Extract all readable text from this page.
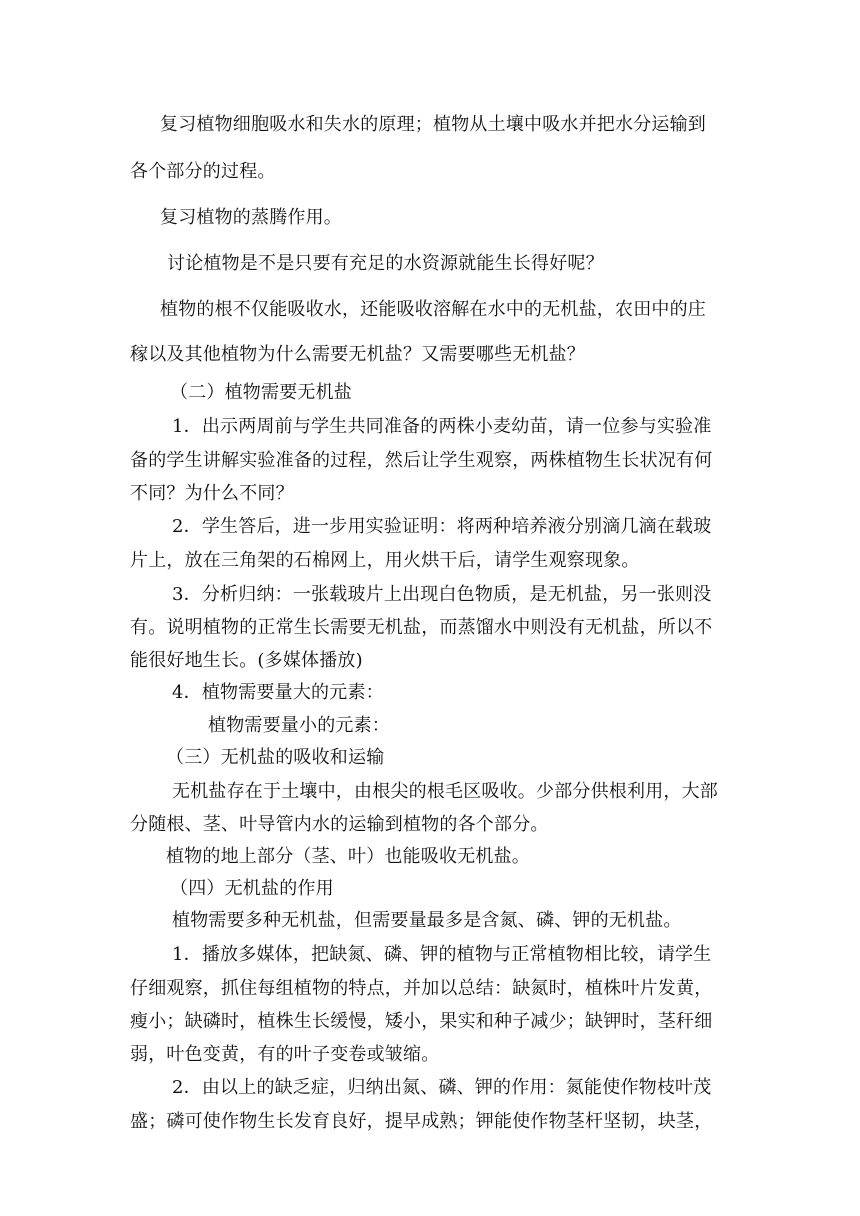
复习植物细胞吸水和失水的原理；植物从土壤中吸水并把水分运输到
各个部分的过程。
复习植物的蒸腾作用。
讨论植物是不是只要有充足的水资源就能生长得好呢？
植物的根不仅能吸收水，还能吸收溶解在水中的无机盐，农田中的庄
稼以及其他植物为什么需要无机盐？又需要哪些无机盐？
（二）植物需要无机盐
1．出示两周前与学生共同准备的两株小麦幼苗，请一位参与实验准
备的学生讲解实验准备的过程，然后让学生观察，两株植物生长状况有何
不同？为什么不同？
2．学生答后，进一步用实验证明：将两种培养液分别滴几滴在载玻
片上，放在三角架的石棉网上，用火烘干后，请学生观察现象。
3．分析归纳：一张载玻片上出现白色物质，是无机盐，另一张则没
有。说明植物的正常生长需要无机盐，而蒸馏水中则没有无机盐，所以不
能很好地生长。(多媒体播放)
4．植物需要量大的元素：
植物需要量小的元素：
（三）无机盐的吸收和运输
无机盐存在于土壤中，由根尖的根毛区吸收。少部分供根利用，大部
分随根、茎、叶导管内水的运输到植物的各个部分。
植物的地上部分（茎、叶）也能吸收无机盐。
（四）无机盐的作用
植物需要多种无机盐，但需要量最多是含氮、磷、钾的无机盐。
1．播放多媒体，把缺氮、磷、钾的植物与正常植物相比较，请学生
仔细观察，抓住每组植物的特点，并加以总结：缺氮时，植株叶片发黄，
瘦小；缺磷时，植株生长缓慢，矮小，果实和种子减少；缺钾时，茎秆细
弱，叶色变黄，有的叶子变卷或皱缩。
2．由以上的缺乏症，归纳出氮、磷、钾的作用：氮能使作物枝叶茂
盛；磷可使作物生长发育良好，提早成熟；钾能使作物茎杆坚韧，块茎，
